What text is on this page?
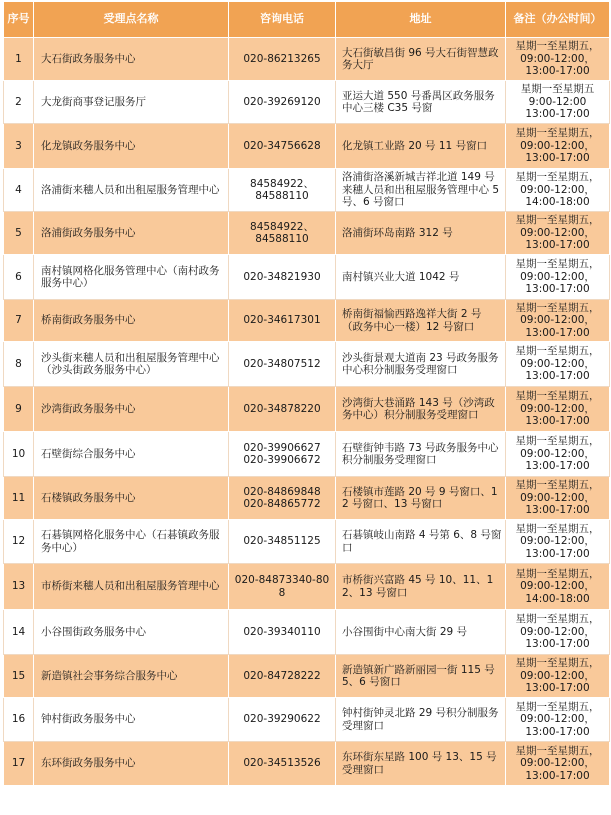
序号	受理点名称	咨询电话	地址	备注（办公时间）
1	大石街政务服务中心	020-86213265	大石街敏昌街 96 号大石街智慧政务大厅	星期一至星期五，
09:00-12:00，
13:00-17:00

2	大龙街商事登记服务厅	020-39269120	亚运大道 550 号番禺区政务服务中心三楼 C35 号窗	星期一至星期五
9:00-12:00
13:00-17:00

3	化龙镇政务服务中心	020-34756628	化龙镇工业路 20 号 11 号窗口	星期一至星期五，
09:00-12:00，
13:00-17:00

4	洛浦街来穗人员和出租屋服务管理中心	84584922、
84588110	洛浦街洛溪新城吉祥北道 149 号来穗人员和出租屋服务管理中心 5 号、6 号窗口	星期一至星期五，
09:00-12:00，
14:00-18:00

5	洛浦街政务服务中心	84584922、
84588110	洛浦街环岛南路 312 号	星期一至星期五，
09:00-12:00，
13:00-17:00

6	南村镇网格化服务管理中心（南村政务服务中心）	020-34821930	南村镇兴业大道 1042 号	星期一至星期五，
09:00-12:00，
13:00-17:00

7	桥南街政务服务中心	020-34617301	桥南街福愉西路逸祥大街 2 号（政务中心一楼）12 号窗口	星期一至星期五，
09:00-12:00，
13:00-17:00

8	沙头街来穗人员和出租屋服务管理中心（沙头街政务服务中心）	020-34807512	沙头街景观大道南 23 号政务服务中心积分制服务受理窗口	星期一至星期五，
09:00-12:00，
13:00-17:00

9	沙湾街政务服务中心	020-34878220	沙湾街大巷涌路 143 号（沙湾政务中心）积分制服务受理窗口	星期一至星期五，
09:00-12:00，
13:00-17:00

10	石壁街综合服务中心	020-39906627
020-39906672	石壁街钟韦路 73 号政务服务中心积分制服务受理窗口	星期一至星期五，
09:00-12:00，
13:00-17:00

11	石楼镇政务服务中心	020-84869848
020-84865772	石楼镇市莲路 20 号 9 号窗口、12 号窗口、13 号窗口	星期一至星期五，
09:00-12:00，
13:00-17:00

12	石碁镇网格化服务中心（石碁镇政务服务中心）	020-34851125	石碁镇岐山南路 4 号第 6、8 号窗口	星期一至星期五，
09:00-12:00，
13:00-17:00

13	市桥街来穗人员和出租屋服务管理中心	020-84873340-808	市桥街兴富路 45 号 10、11、12、13 号窗口	星期一至星期五，
09:00-12:00，
14:00-18:00

14	小谷围街政务服务中心	020-39340110	小谷围街中心南大街 29 号	星期一至星期五，
09:00-12:00，
13:00-17:00

15	新造镇社会事务综合服务中心	020-84728222	新造镇新广路新丽园一街 115 号 5、6 号窗口	星期一至星期五，
09:00-12:00，
13:00-17:00

16	钟村街政务服务中心	020-39290622	钟村街钟灵北路 29 号积分制服务受理窗口	星期一至星期五，
09:00-12:00，
13:00-17:00

17	东环街政务服务中心	020-34513526	东环街东星路 100 号 13、15 号受理窗口	星期一至星期五，
09:00-12:00，
13:00-17:00
